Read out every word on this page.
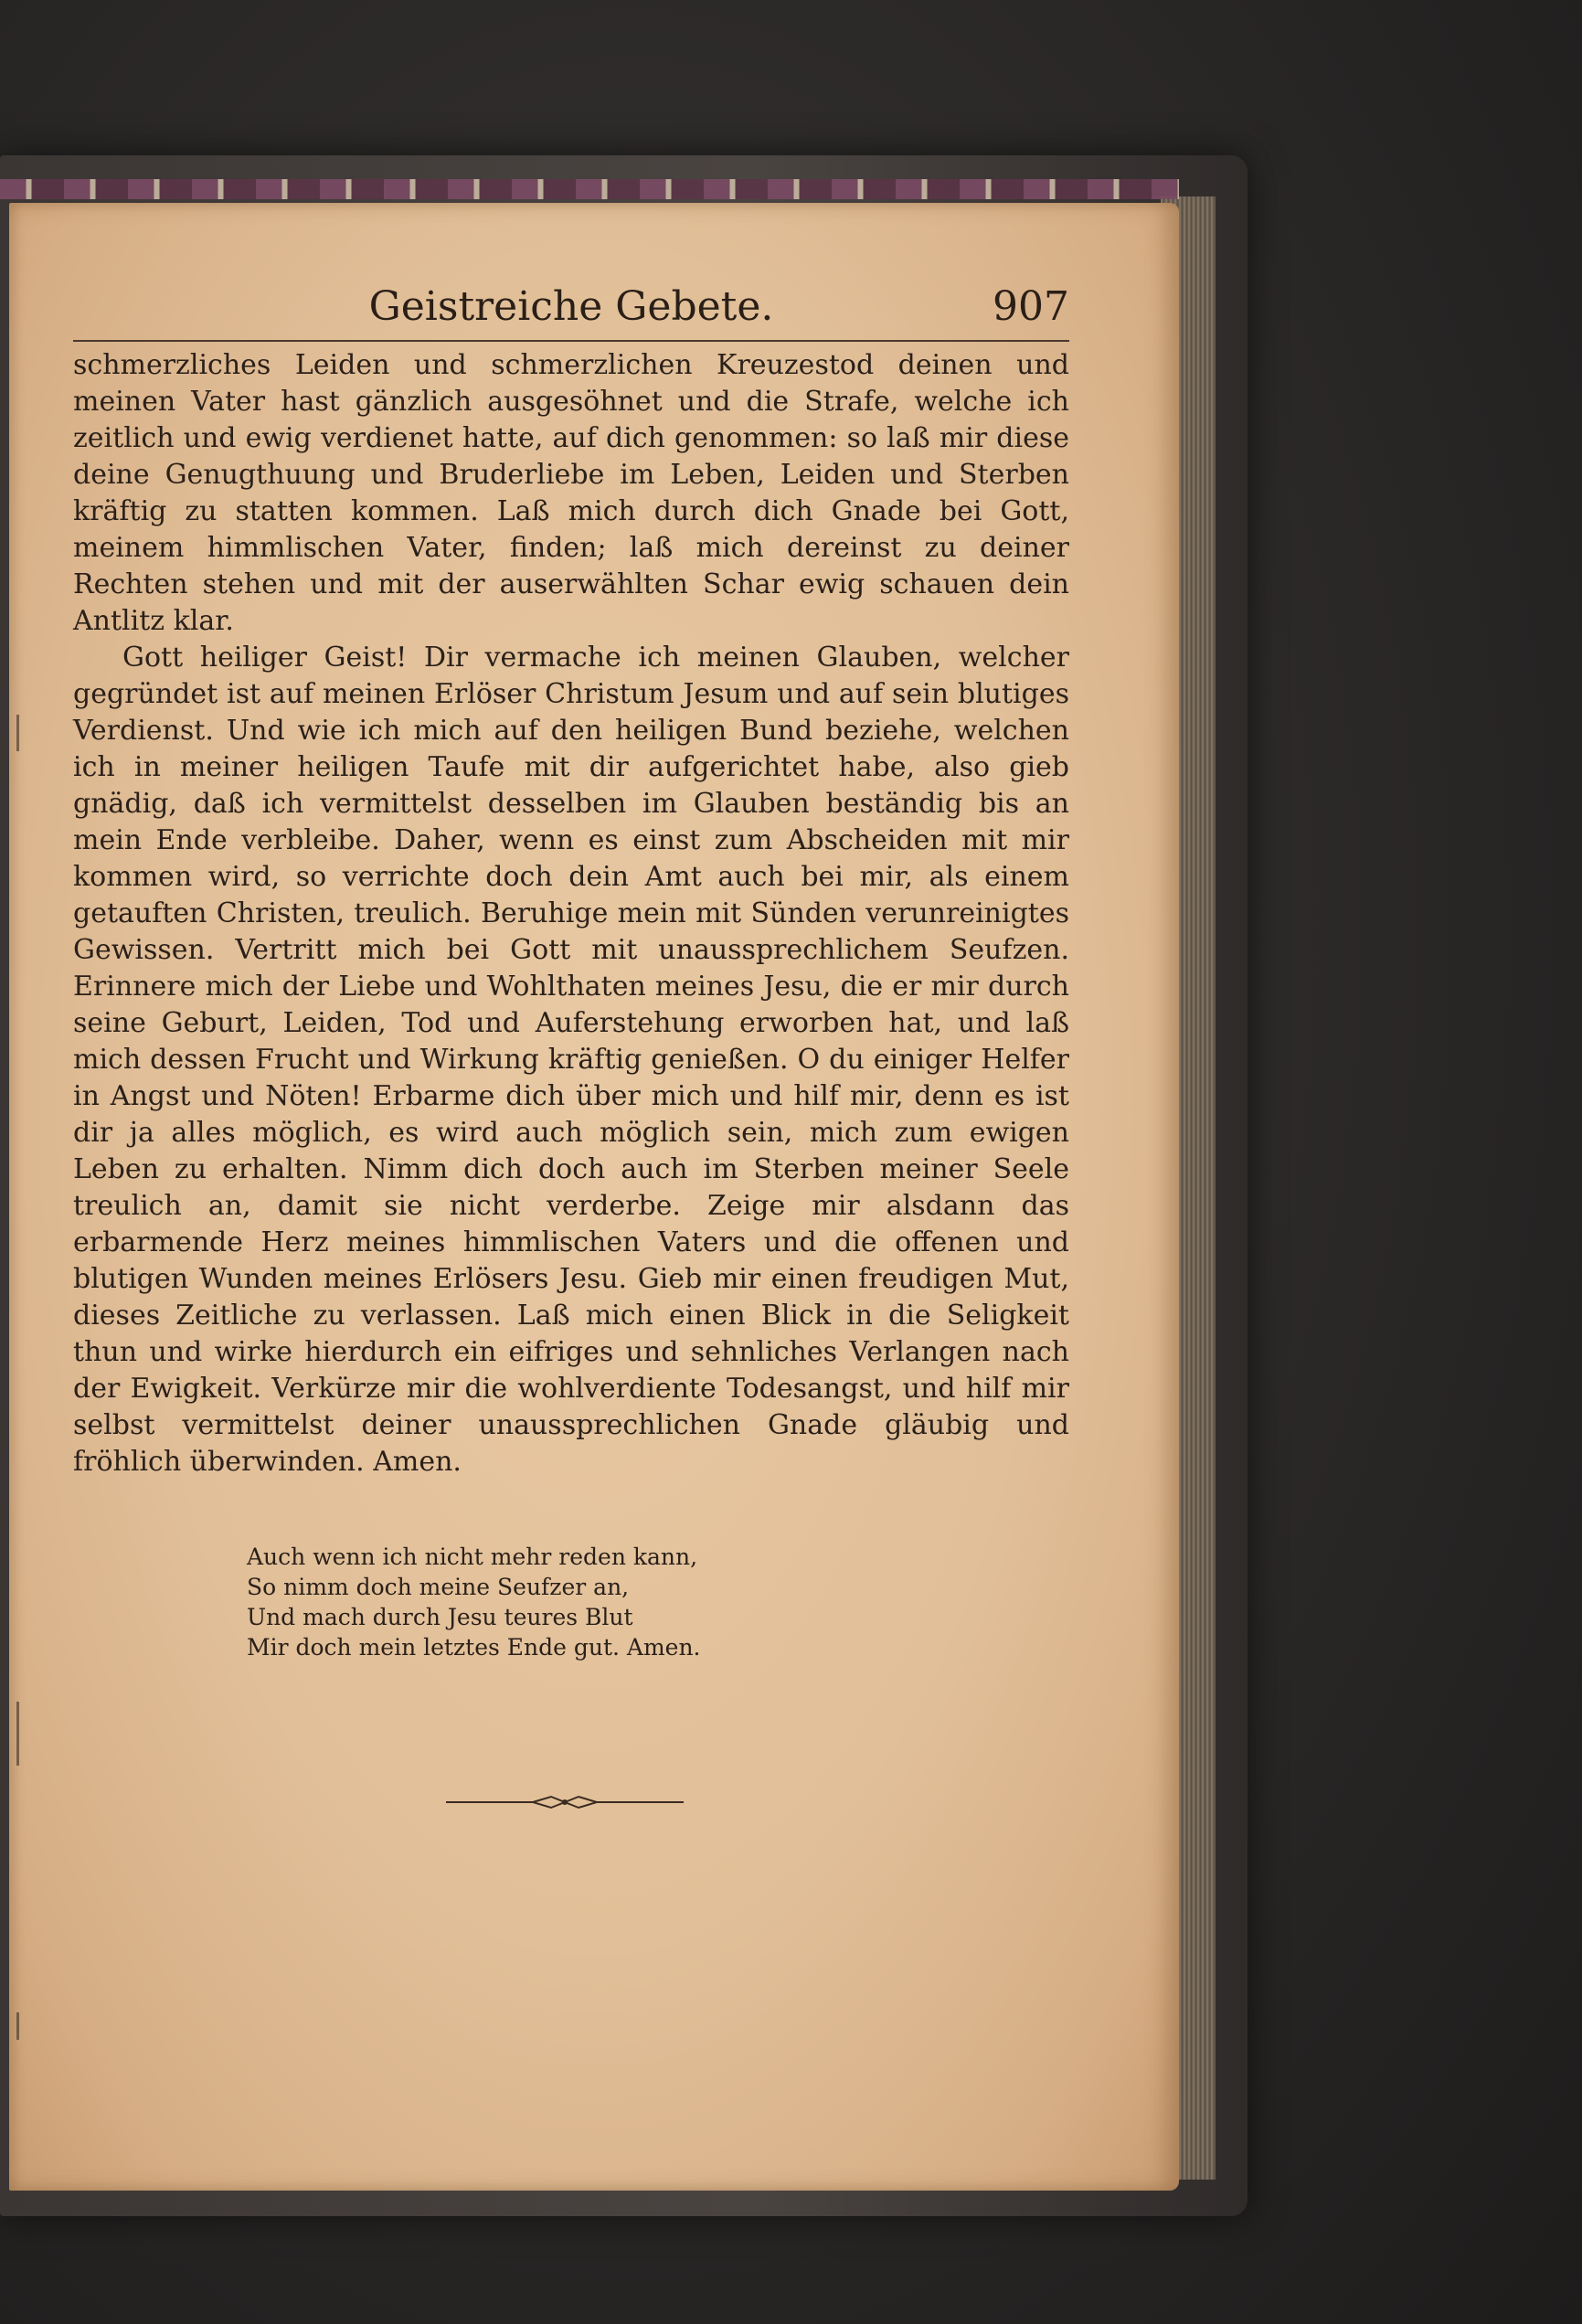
Geistreiche Gebete.	907

schmerzliches Leiden und schmerzlichen Kreuzestod deinen und meinen Vater hast gänzlich ausgesöhnet und die Strafe, welche ich zeitlich und ewig verdienet hatte, auf dich genommen: so laß mir diese deine Genugthuung und Bruderliebe im Leben, Leiden und Sterben kräftig zu statten kommen. Laß mich durch dich Gnade bei Gott, meinem himmlischen Vater, finden; laß mich dereinst zu deiner Rechten stehen und mit der auserwählten Schar ewig schauen dein Antlitz klar.

Gott heiliger Geist! Dir vermache ich meinen Glauben, welcher gegründet ist auf meinen Erlöser Christum Jesum und auf sein blutiges Verdienst. Und wie ich mich auf den heiligen Bund beziehe, welchen ich in meiner heiligen Taufe mit dir aufgerichtet habe, also gieb gnädig, daß ich vermittelst desselben im Glauben beständig bis an mein Ende verbleibe. Daher, wenn es einst zum Abscheiden mit mir kommen wird, so verrichte doch dein Amt auch bei mir, als einem getauften Christen, treulich. Beruhige mein mit Sünden verunreinigtes Gewissen. Vertritt mich bei Gott mit unaussprechlichem Seufzen. Erinnere mich der Liebe und Wohlthaten meines Jesu, die er mir durch seine Geburt, Leiden, Tod und Auferstehung erworben hat, und laß mich dessen Frucht und Wirkung kräftig genießen. O du einiger Helfer in Angst und Nöten! Erbarme dich über mich und hilf mir, denn es ist dir ja alles möglich, es wird auch möglich sein, mich zum ewigen Leben zu erhalten. Nimm dich doch auch im Sterben meiner Seele treulich an, damit sie nicht verderbe. Zeige mir alsdann das erbarmende Herz meines himmlischen Vaters und die offenen und blutigen Wunden meines Erlösers Jesu. Gieb mir einen freudigen Mut, dieses Zeitliche zu verlassen. Laß mich einen Blick in die Seligkeit thun und wirke hierdurch ein eifriges und sehnliches Verlangen nach der Ewigkeit. Verkürze mir die wohlverdiente Todesangst, und hilf mir selbst vermittelst deiner unaussprechlichen Gnade gläubig und fröhlich überwinden. Amen.

Auch wenn ich nicht mehr reden kann,
So nimm doch meine Seufzer an,
Und mach durch Jesu teures Blut
Mir doch mein letztes Ende gut. Amen.
